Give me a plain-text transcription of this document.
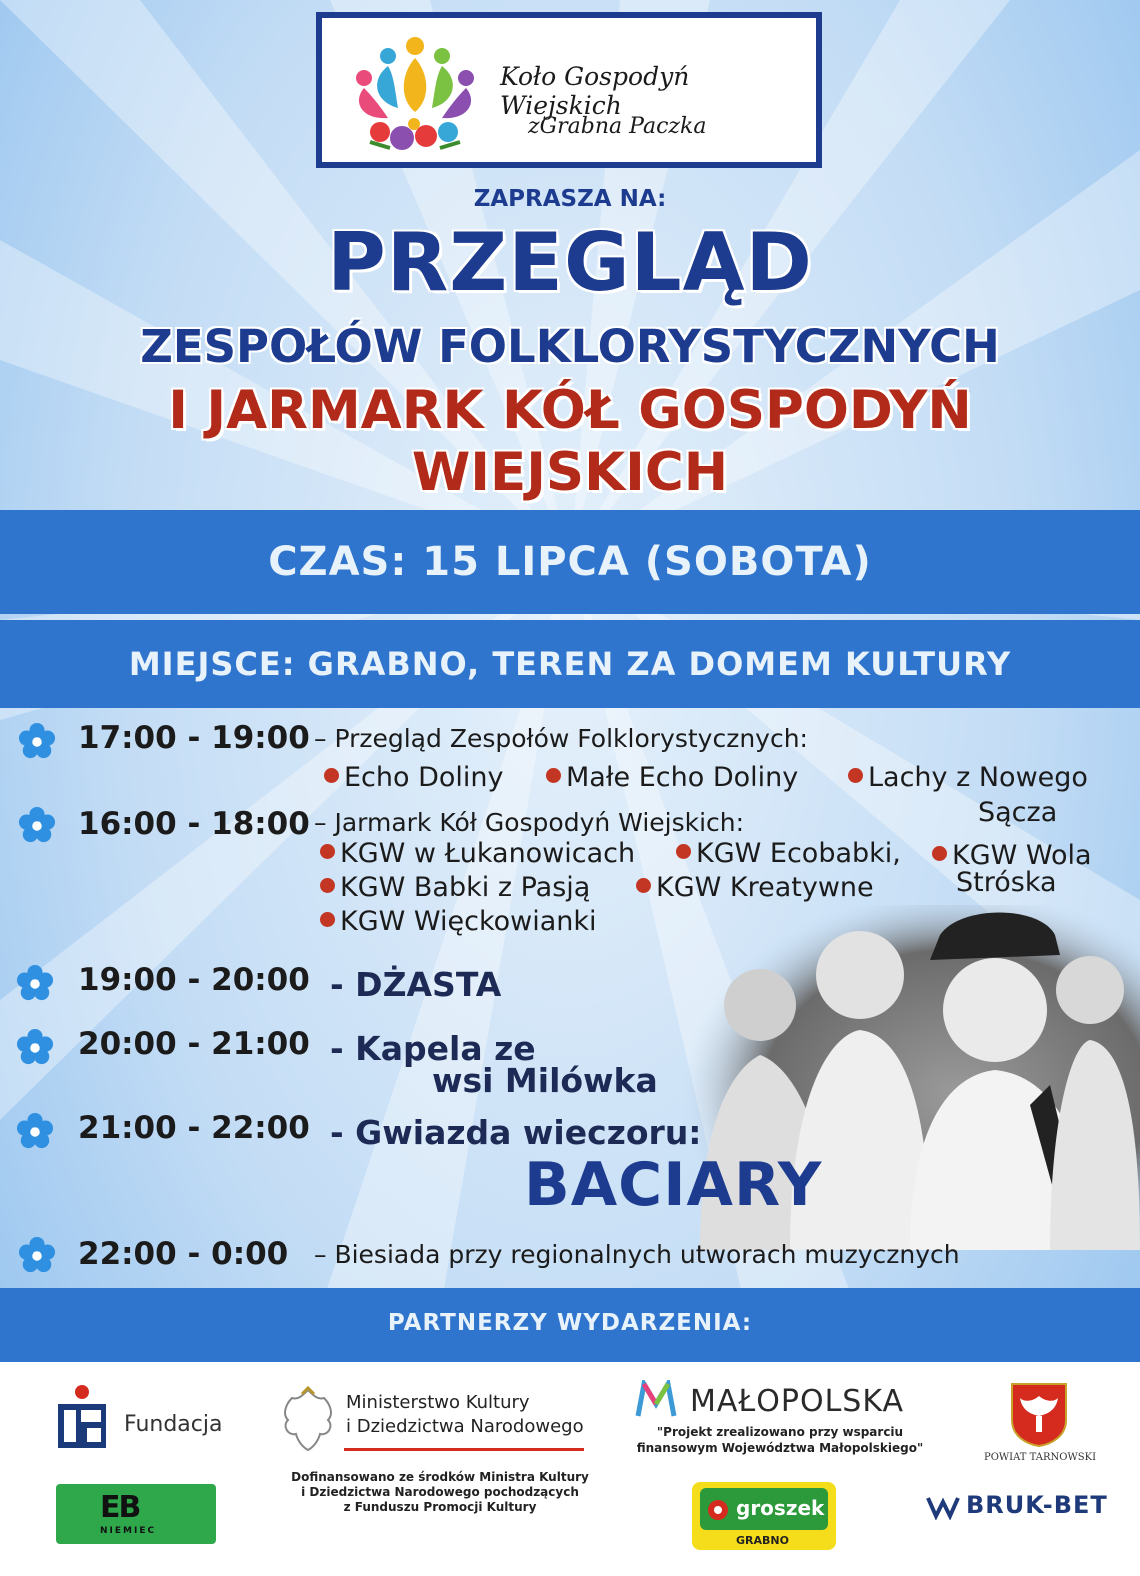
Koło Gospodyń Wiejskich
zGrabna Paczka
ZAPRASZA NA:
PRZEGLĄD
ZESPOŁÓW FOLKLORYSTYCZNYCH
I JARMARK KÓŁ GOSPODYŃ WIEJSKICH
CZAS: 15 LIPCA (SOBOTA)
MIEJSCE: GRABNO, TEREN ZA DOMEM KULTURY
17:00 - 19:00 – Przegląd Zespołów Folklorystycznych:
Echo Doliny	Małe Echo Doliny	Lachy z Nowego
Sącza
16:00 - 18:00 – Jarmark Kół Gospodyń Wiejskich:
KGW w Łukanowicach	KGW Ecobabki,	KGW Wola
Stróska
KGW Babki z Pasją	KGW Kreatywne
KGW Więckowianki
19:00 - 20:00 - DŻASTA
20:00 - 21:00 - Kapela ze
wsi Milówka
21:00 - 22:00 - Gwiazda wieczoru:
BACIARY
22:00 - 0:00 – Biesiada przy regionalnych utworach muzycznych
PARTNERZY WYDARZENIA:
Fundacja
Ministerstwo Kultury
i Dziedzictwa Narodowego
Dofinansowano ze środków Ministra Kultury
i Dziedzictwa Narodowego pochodzących
z Funduszu Promocji Kultury
MAŁOPOLSKA
"Projekt zrealizowano przy wsparciu
finansowym Województwa Małopolskiego"
POWIAT TARNOWSKI
EB
NIEMIEC
groszek
GRABNO
BRUK-BET
